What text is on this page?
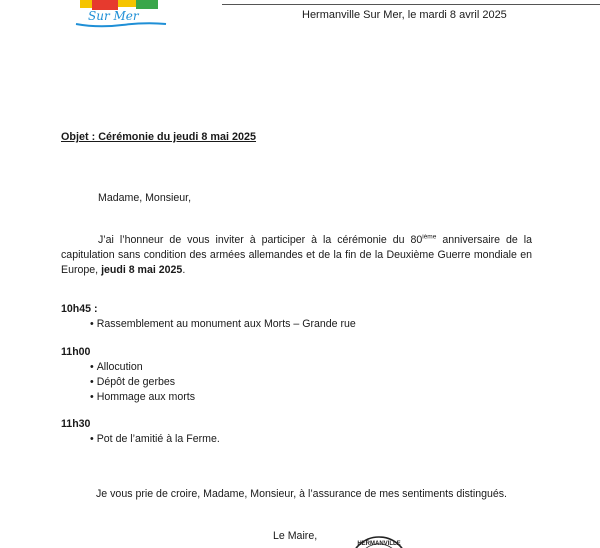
Sur Mer	Hermanville Sur Mer, le mardi 8 avril 2025
Objet : Cérémonie du jeudi 8 mai 2025
Madame, Monsieur,
J’ai l’honneur de vous inviter à participer à la cérémonie du 80ième anniversaire de la capitulation sans condition des armées allemandes et de la fin de la Deuxième Guerre mondiale en Europe, jeudi 8 mai 2025.
10h45 :
• Rassemblement au monument aux Morts – Grande rue
11h00
• Allocution
• Dépôt de gerbes
• Hommage aux morts
11h30
• Pot de l’amitié à la Ferme.
Je vous prie de croire, Madame, Monsieur, à l’assurance de mes sentiments distingués.
Le Maire,
HERMANVILLE
